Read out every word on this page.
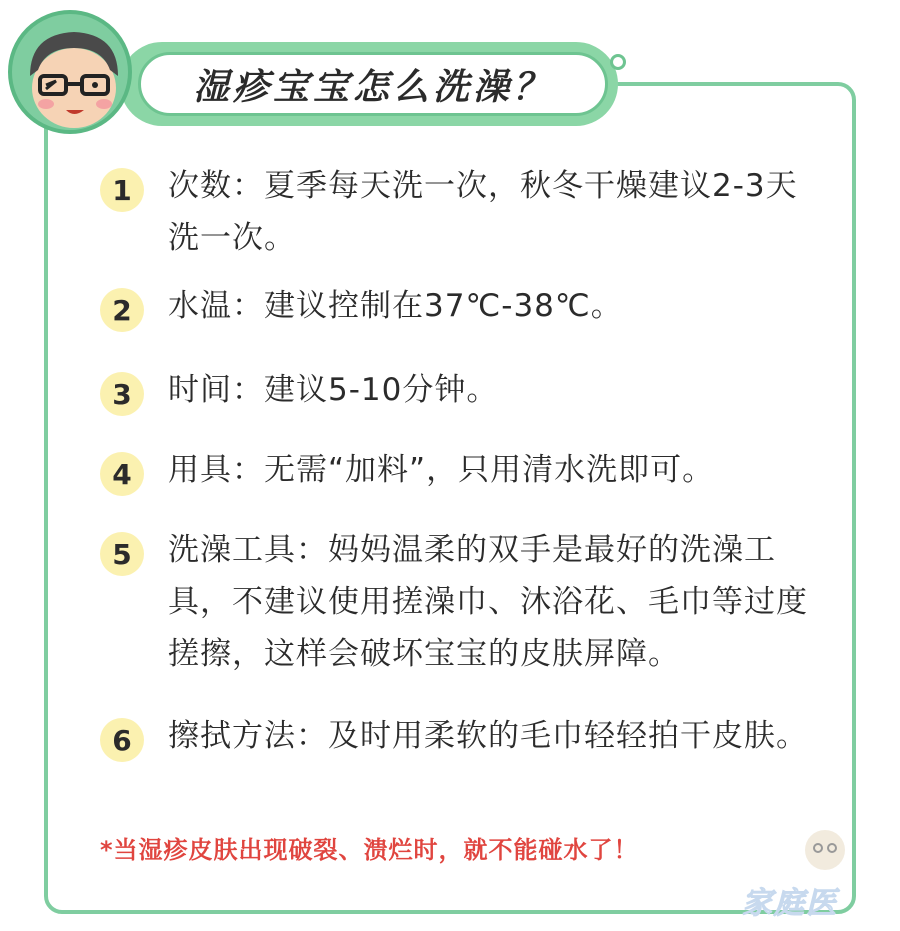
湿疹宝宝怎么洗澡？
1	次数：夏季每天洗一次，秋冬干燥建议2-3天洗一次。
2	水温：建议控制在37℃-38℃。
3	时间：建议5-10分钟。
4	用具：无需“加料”，只用清水洗即可。
5	洗澡工具：妈妈温柔的双手是最好的洗澡工具，不建议使用搓澡巾、沐浴花、毛巾等过度搓擦，这样会破坏宝宝的皮肤屏障。
6	擦拭方法：及时用柔软的毛巾轻轻拍干皮肤。
*当湿疹皮肤出现破裂、溃烂时，就不能碰水了！
家庭医
